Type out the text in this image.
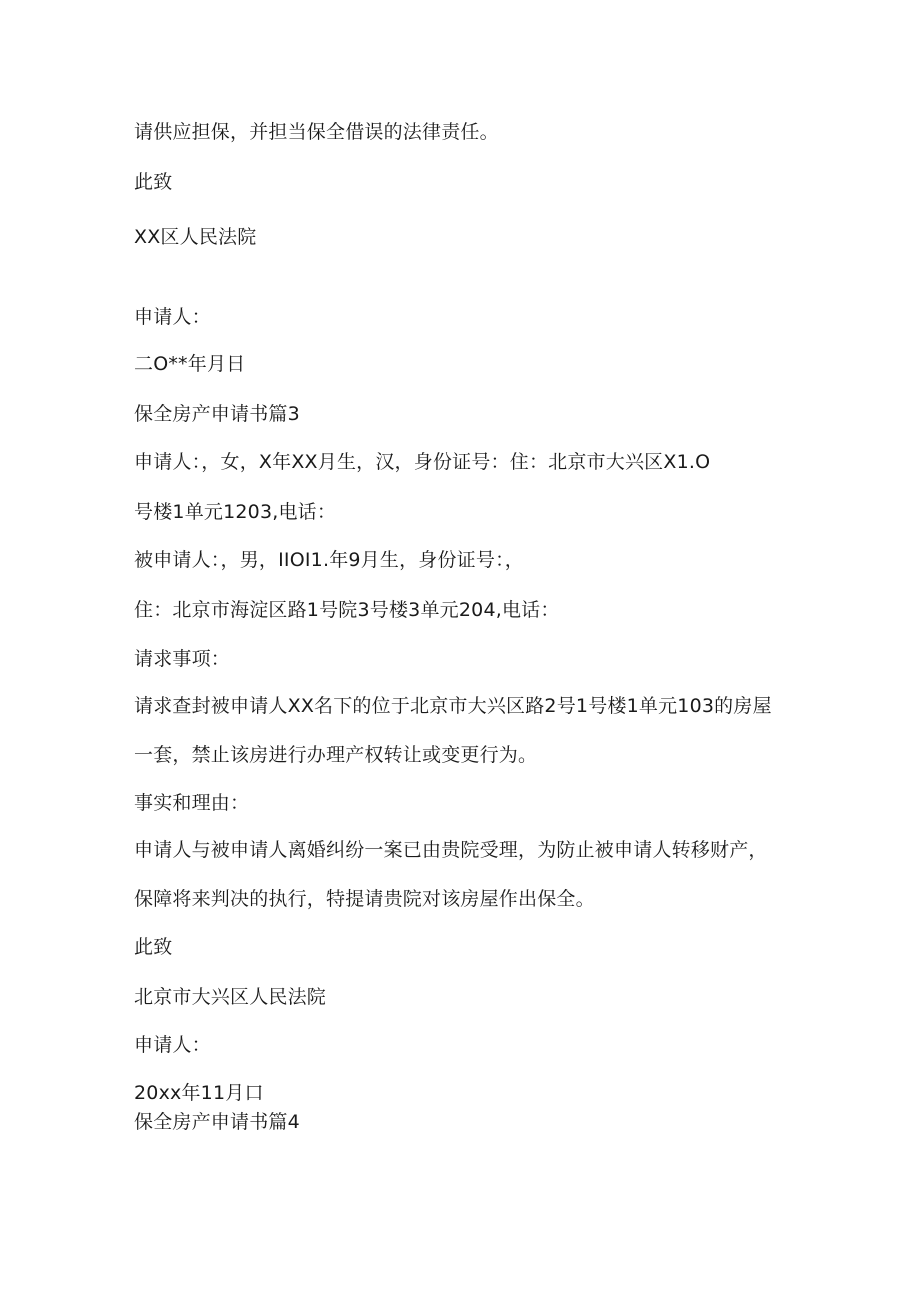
请供应担保，并担当保全借误的法律责任。
此致
XX区人民法院
申请人：
二O**年月日
保全房产申请书篇3
申请人：，女，X年XX月生，汉，身份证号：住：北京市大兴区X1.O
号楼1单元1203,电话：
被申请人：，男，IIOI1.年9月生，身份证号：，
住：北京市海淀区路1号院3号楼3单元204,电话：
请求事项：
请求查封被申请人XX名下的位于北京市大兴区路2号1号楼1单元103的房屋
一套，禁止该房进行办理产权转让或变更行为。
事实和理由：
申请人与被申请人离婚纠纷一案已由贵院受理，为防止被申请人转移财产，
保障将来判决的执行，特提请贵院对该房屋作出保全。
此致
北京市大兴区人民法院
申请人：
20xx年11月口
保全房产申请书篇4
